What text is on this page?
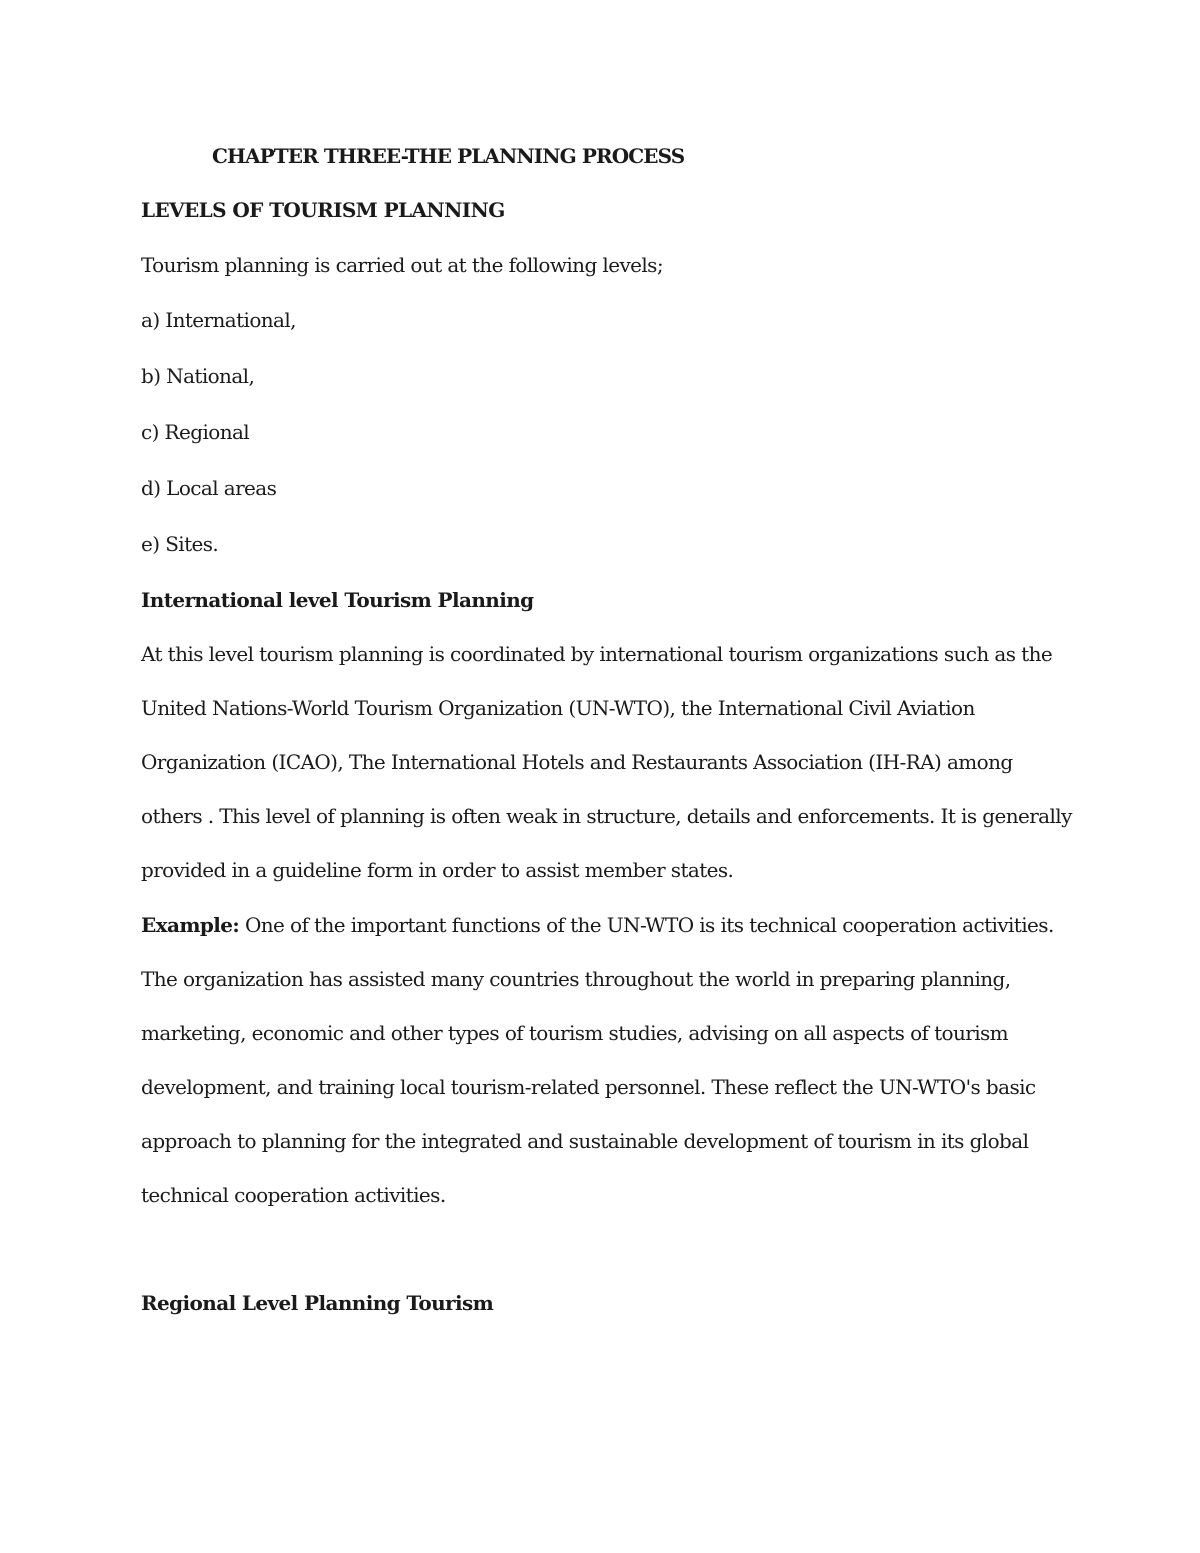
CHAPTER THREE-THE PLANNING PROCESS
LEVELS OF TOURISM PLANNING
Tourism planning is carried out at the following levels;
a) International,
b) National,
c) Regional
d) Local areas
e) Sites.
International level Tourism Planning
At this level tourism planning is coordinated by international tourism organizations such as the
United Nations-World Tourism Organization (UN-WTO), the International Civil Aviation
Organization (ICAO), The International Hotels and Restaurants Association (IH-RA) among
others . This level of planning is often weak in structure, details and enforcements. It is generally
provided in a guideline form in order to assist member states.
Example: One of the important functions of the UN-WTO is its technical cooperation activities.
The organization has assisted many countries throughout the world in preparing planning,
marketing, economic and other types of tourism studies, advising on all aspects of tourism
development, and training local tourism-related personnel. These reflect the UN-WTO's basic
approach to planning for the integrated and sustainable development of tourism in its global
technical cooperation activities.
Regional Level Planning Tourism
